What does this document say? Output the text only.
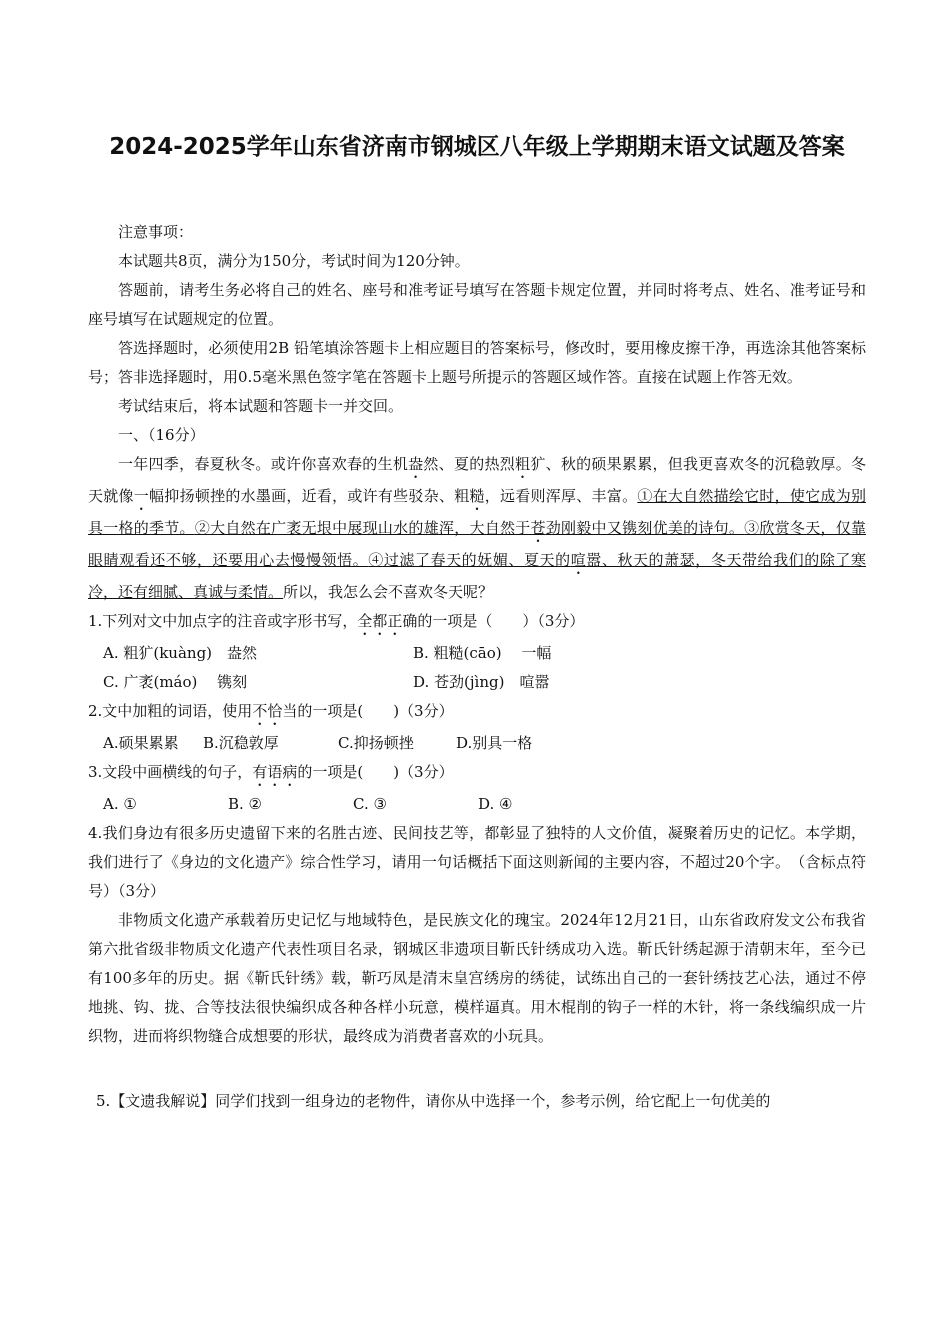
2024-2025学年山东省济南市钢城区八年级上学期期末语文试题及答案

注意事项：

本试题共8页，满分为150分，考试时间为120分钟。

答题前，请考生务必将自己的姓名、座号和准考证号填写在答题卡规定位置，并同时将考点、姓名、准考证号和座号填写在试题规定的位置。

答选择题时，必须使用2B 铅笔填涂答题卡上相应题目的答案标号，修改时，要用橡皮擦干净，再选涂其他答案标号；答非选择题时，用0.5毫米黑色签字笔在答题卡上题号所提示的答题区域作答。直接在试题上作答无效。

考试结束后，将本试题和答题卡一并交回。

一、（16分）

一年四季，春夏秋冬。或许你喜欢春的生机盎然、夏的热烈粗犷、秋的硕果累累，但我更喜欢冬的沉稳敦厚。冬天就像一幅抑扬顿挫的水墨画，近看，或许有些驳杂、粗糙，远看则浑厚、丰富。①在大自然描绘它时，使它成为别具一格的季节。②大自然在广袤无垠中展现山水的雄浑，大自然于苍劲刚毅中又镌刻优美的诗句。③欣赏冬天，仅靠眼睛观看还不够，还要用心去慢慢领悟。④过滤了春天的妩媚、夏天的喧嚣、秋天的萧瑟，冬天带给我们的除了寒冷，还有细腻、真诚与柔情。所以，我怎么会不喜欢冬天呢？

1.下列对文中加点字的注音或字形书写，全都正确的一项是（　　）（3分）

A. 粗犷(kuàng)　盎然	B. 粗糙(cāo)　 一幅
C. 广袤(máo)　 镌刻	D. 苍劲(jìng)　喧嚣

2.文中加粗的词语，使用不恰当的一项是(　　)（3分）

A.硕果累累	B.沉稳敦厚	C.抑扬顿挫	D.别具一格

3.文段中画横线的句子，有语病的一项是(　　)（3分）

A. ①	B. ②	C. ③	D. ④

4.我们身边有很多历史遗留下来的名胜古迹、民间技艺等，都彰显了独特的人文价值，凝聚着历史的记忆。本学期，我们进行了《身边的文化遗产》综合性学习，请用一句话概括下面这则新闻的主要内容，不超过20个字。　（含标点符号）（3分）

非物质文化遗产承载着历史记忆与地域特色，是民族文化的瑰宝。2024年12月21日，山东省政府发文公布我省第六批省级非物质文化遗产代表性项目名录，钢城区非遗项目靳氏针绣成功入选。靳氏针绣起源于清朝末年，至今已有100多年的历史。据《靳氏针绣》载，靳巧凤是清末皇宫绣房的绣徒，试练出自己的一套针绣技艺心法，通过不停地挑、钩、拢、合等技法很快编织成各种各样小玩意，模样逼真。用木棍削的钩子一样的木针，将一条线编织成一片织物，进而将织物缝合成想要的形状，最终成为消费者喜欢的小玩具。

5.【文遗我解说】同学们找到一组身边的老物件，请你从中选择一个，参考示例，给它配上一句优美的
